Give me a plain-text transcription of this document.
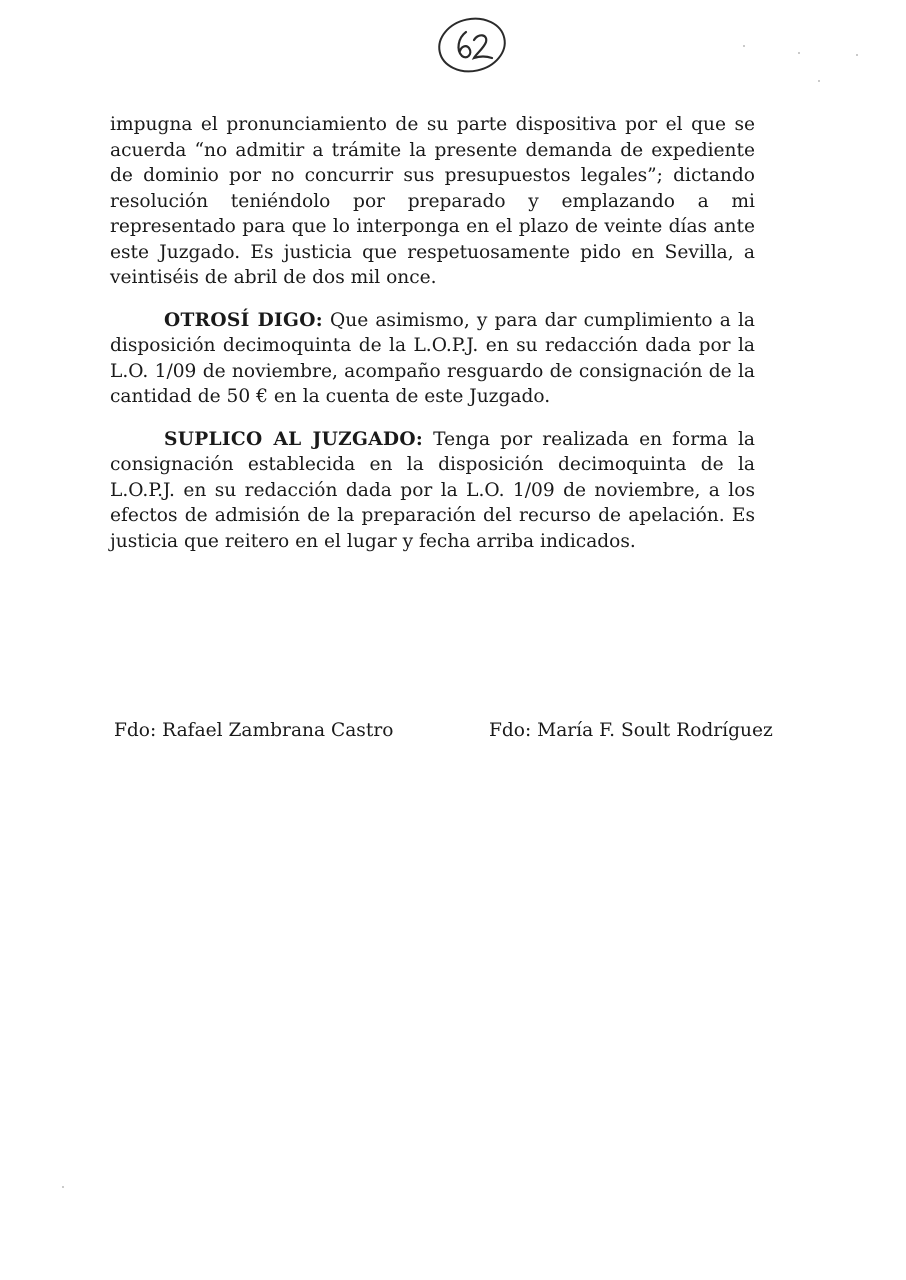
impugna el pronunciamiento de su parte dispositiva por el que se acuerda “no admitir a trámite la presente demanda de expediente de dominio por no concurrir sus presupuestos legales”; dictando resolución teniéndolo por preparado y emplazando a mi representado para que lo interponga en el plazo de veinte días ante este Juzgado. Es justicia que respetuosamente pido en Sevilla, a veintiséis de abril de dos mil once.

OTROSÍ DIGO: Que asimismo, y para dar cumplimiento a la disposición decimoquinta de la L.O.P.J. en su redacción dada por la L.O. 1/09 de noviembre, acompaño resguardo de consignación de la cantidad de 50 € en la cuenta de este Juzgado.

SUPLICO AL JUZGADO: Tenga por realizada en forma la consignación establecida en la disposición decimoquinta de la L.O.P.J. en su redacción dada por la L.O. 1/09 de noviembre, a los efectos de admisión de la preparación del recurso de apelación. Es justicia que reitero en el lugar y fecha arriba indicados.

Fdo: Rafael Zambrana Castro	Fdo: María F. Soult Rodríguez
